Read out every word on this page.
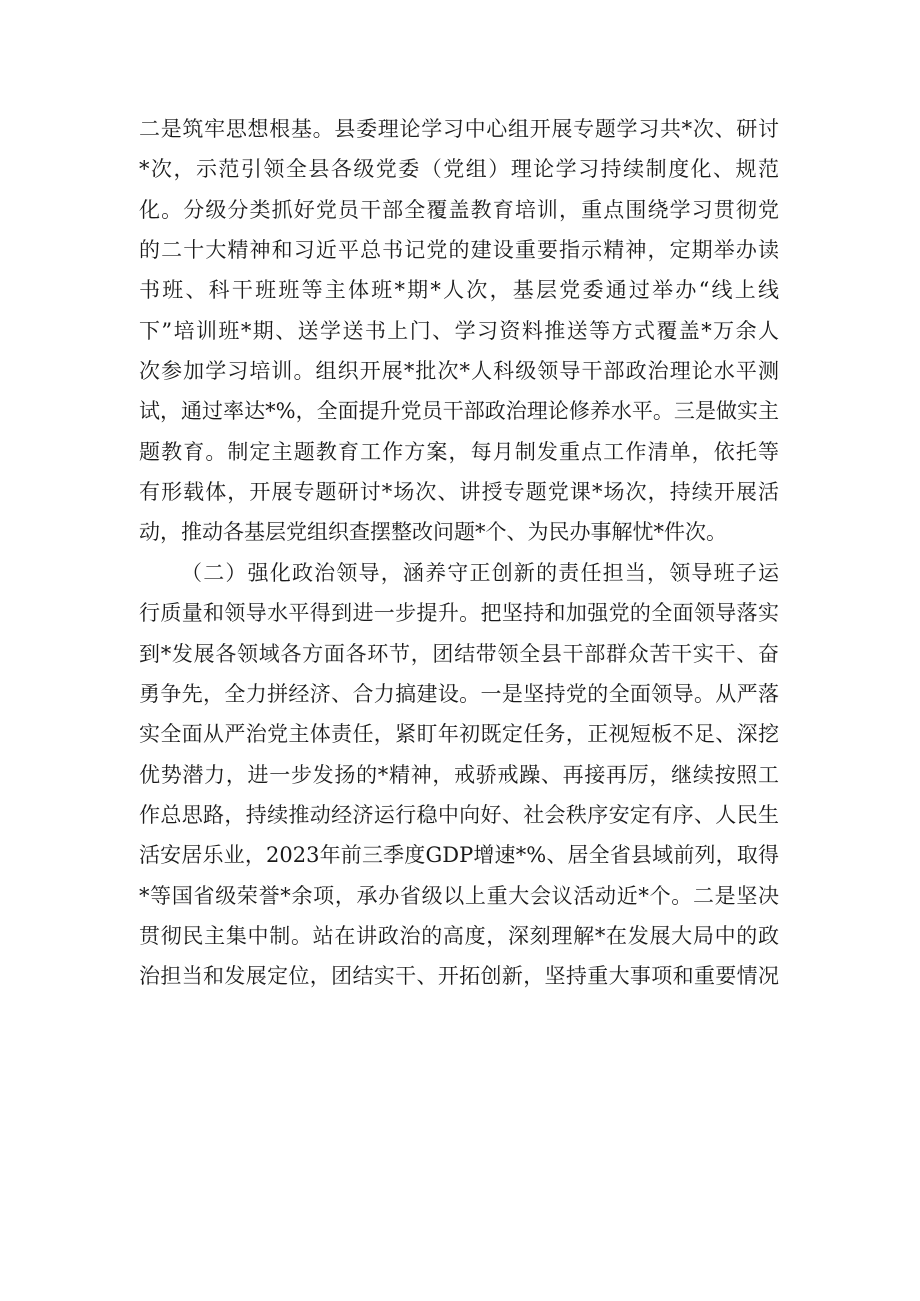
二是筑牢思想根基。县委理论学习中心组开展专题学习共*次、研讨
*次，示范引领全县各级党委（党组）理论学习持续制度化、规范
化。分级分类抓好党员干部全覆盖教育培训，重点围绕学习贯彻党
的二十大精神和习近平总书记党的建设重要指示精神，定期举办读
书班、科干班班等主体班*期*人次，基层党委通过举办“线上线
下”培训班*期、送学送书上门、学习资料推送等方式覆盖*万余人
次参加学习培训。组织开展*批次*人科级领导干部政治理论水平测
试，通过率达*%，全面提升党员干部政治理论修养水平。三是做实主
题教育。制定主题教育工作方案，每月制发重点工作清单，依托等
有形载体，开展专题研讨*场次、讲授专题党课*场次，持续开展活
动，推动各基层党组织查摆整改问题*个、为民办事解忧*件次。
（二）强化政治领导，涵养守正创新的责任担当，领导班子运
行质量和领导水平得到进一步提升。把坚持和加强党的全面领导落实
到*发展各领域各方面各环节，团结带领全县干部群众苦干实干、奋
勇争先，全力拼经济、合力搞建设。一是坚持党的全面领导。从严落
实全面从严治党主体责任，紧盯年初既定任务，正视短板不足、深挖
优势潜力，进一步发扬的*精神，戒骄戒躁、再接再厉，继续按照工
作总思路，持续推动经济运行稳中向好、社会秩序安定有序、人民生
活安居乐业，2023年前三季度GDP增速*%、居全省县域前列，取得
*等国省级荣誉*余项，承办省级以上重大会议活动近*个。二是坚决
贯彻民主集中制。站在讲政治的高度，深刻理解*在发展大局中的政
治担当和发展定位，团结实干、开拓创新，坚持重大事项和重要情况
